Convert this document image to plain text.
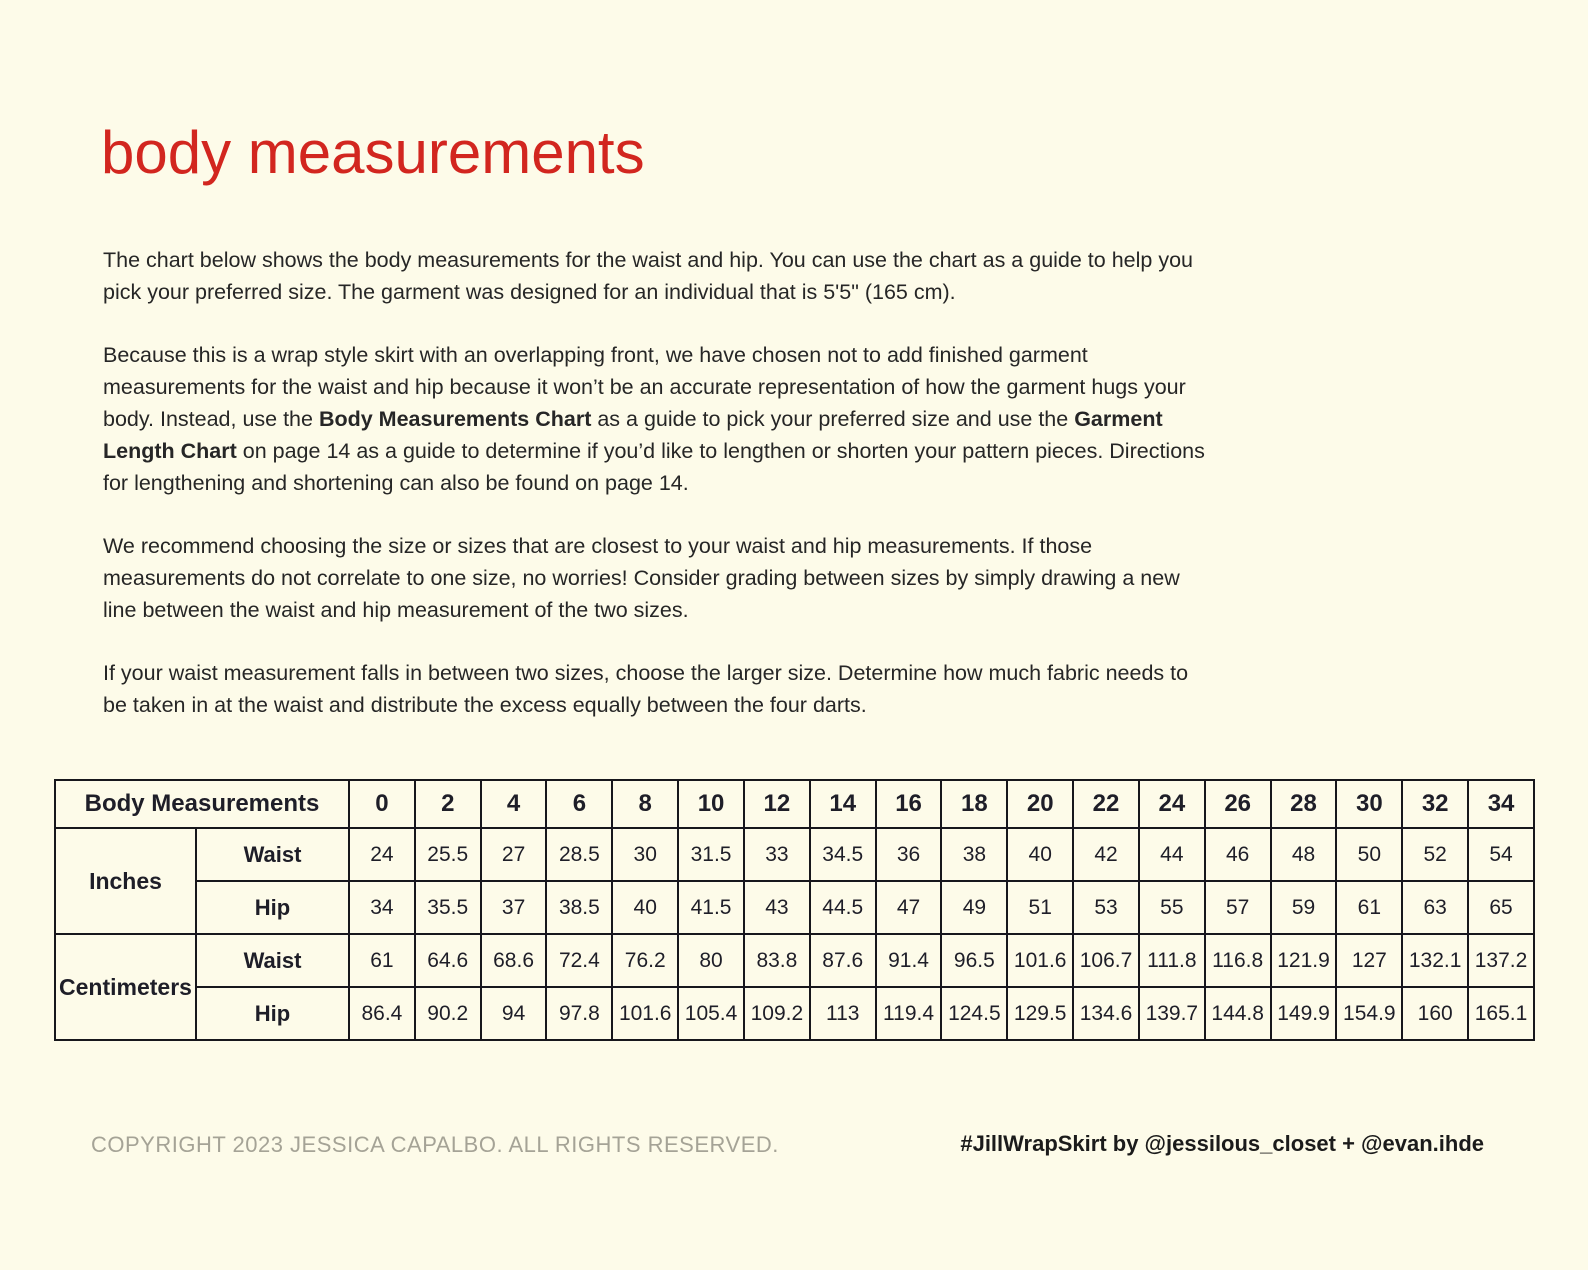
body measurements

The chart below shows the body measurements for the waist and hip. You can use the chart as a guide to help you pick your preferred size. The garment was designed for an individual that is 5'5" (165 cm).

Because this is a wrap style skirt with an overlapping front, we have chosen not to add finished garment measurements for the waist and hip because it won’t be an accurate representation of how the garment hugs your body. Instead, use the Body Measurements Chart as a guide to pick your preferred size and use the Garment Length Chart on page 14 as a guide to determine if you’d like to lengthen or shorten your pattern pieces. Directions for lengthening and shortening can also be found on page 14.

We recommend choosing the size or sizes that are closest to your waist and hip measurements. If those measurements do not correlate to one size, no worries! Consider grading between sizes by simply drawing a new line between the waist and hip measurement of the two sizes.

If your waist measurement falls in between two sizes, choose the larger size. Determine how much fabric needs to be taken in at the waist and distribute the excess equally between the four darts.

Body Measurements		0	2	4	6	8	10	12	14	16	18	20	22	24	26	28	30	32	34
Inches	Waist	24	25.5	27	28.5	30	31.5	33	34.5	36	38	40	42	44	46	48	50	52	54
	Hip	34	35.5	37	38.5	40	41.5	43	44.5	47	49	51	53	55	57	59	61	63	65
Centimeters	Waist	61	64.6	68.6	72.4	76.2	80	83.8	87.6	91.4	96.5	101.6	106.7	111.8	116.8	121.9	127	132.1	137.2
	Hip	86.4	90.2	94	97.8	101.6	105.4	109.2	113	119.4	124.5	129.5	134.6	139.7	144.8	149.9	154.9	160	165.1
COPYRIGHT 2023 JESSICA CAPALBO. ALL RIGHTS RESERVED.	#JillWrapSkirt by @jessilous_closet + @evan.ihde
